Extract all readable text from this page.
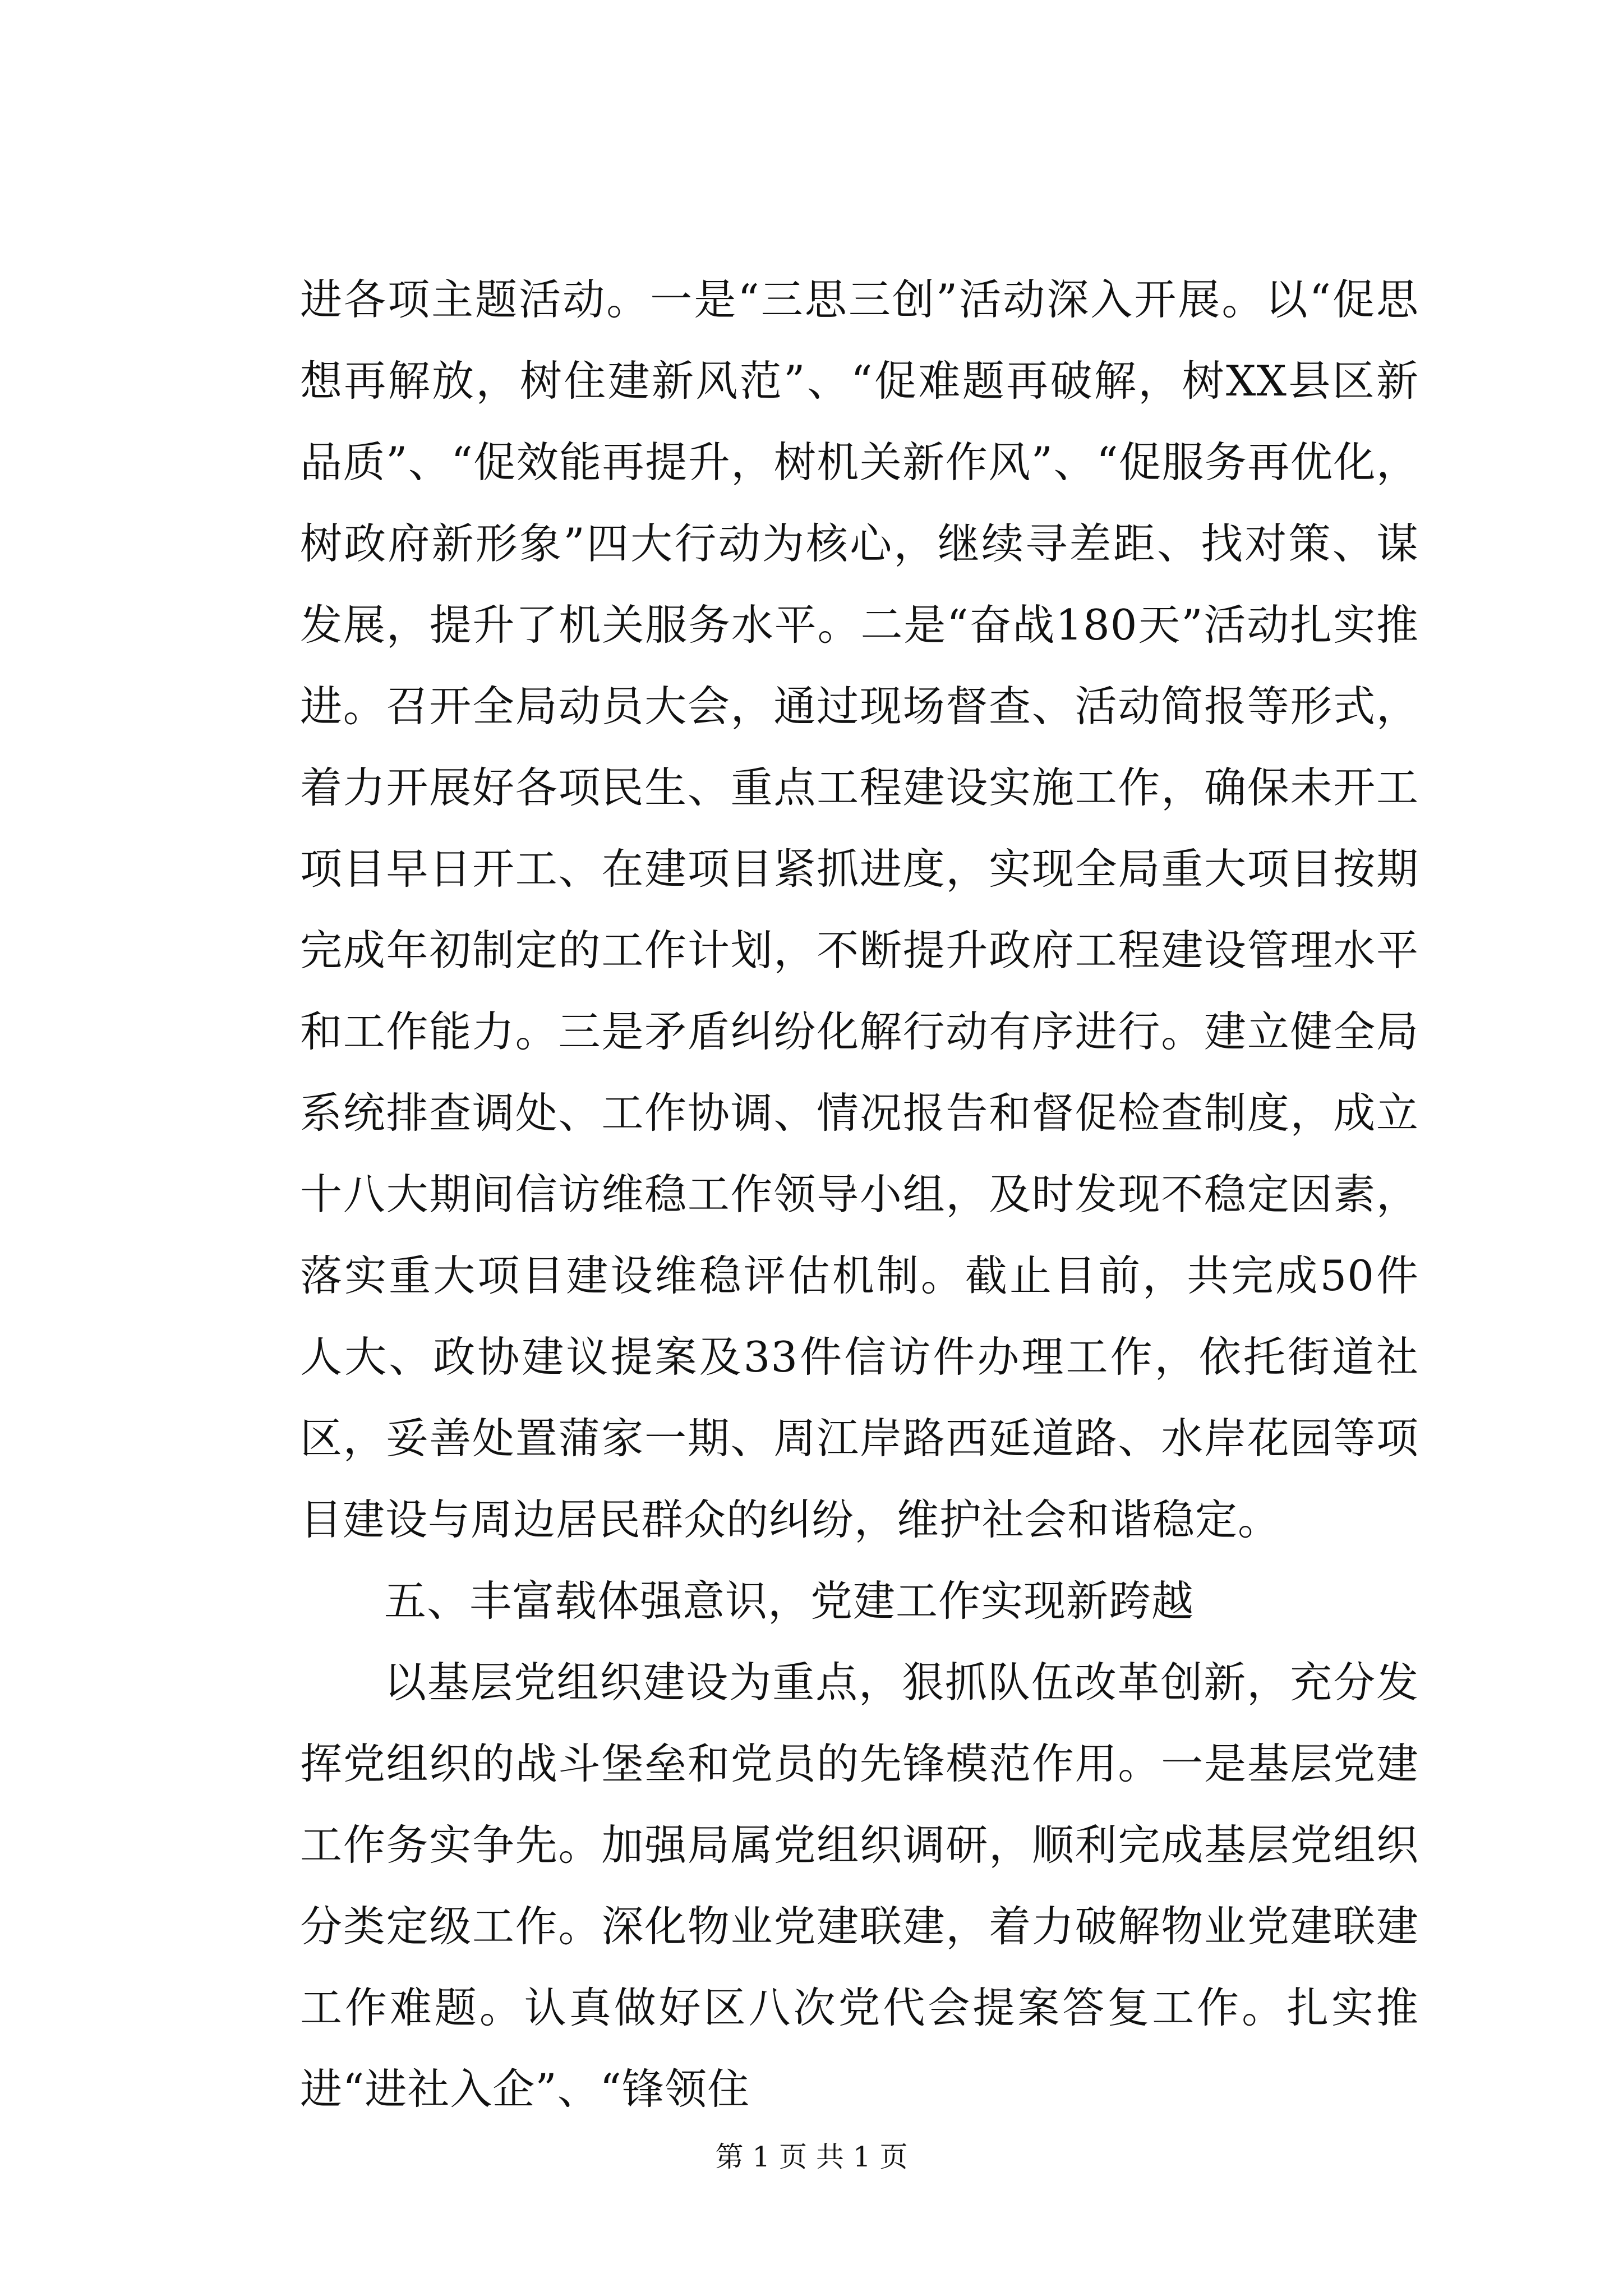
进各项主题活动。一是“三思三创”活动深入开展。以“促思想再解放，树住建新风范”、“促难题再破解，树XX县区新品质”、“促效能再提升，树机关新作风”、“促服务再优化，树政府新形象”四大行动为核心，继续寻差距、找对策、谋发展，提升了机关服务水平。二是“奋战180天”活动扎实推进。召开全局动员大会，通过现场督查、活动简报等形式，着力开展好各项民生、重点工程建设实施工作，确保未开工项目早日开工、在建项目紧抓进度，实现全局重大项目按期完成年初制定的工作计划，不断提升政府工程建设管理水平和工作能力。三是矛盾纠纷化解行动有序进行。建立健全局系统排查调处、工作协调、情况报告和督促检查制度，成立十八大期间信访维稳工作领导小组，及时发现不稳定因素，落实重大项目建设维稳评估机制。截止目前，共完成50件人大、政协建议提案及33件信访件办理工作，依托街道社区，妥善处置蒲家一期、周江岸路西延道路、水岸花园等项目建设与周边居民群众的纠纷，维护社会和谐稳定。

五、丰富载体强意识，党建工作实现新跨越

以基层党组织建设为重点，狠抓队伍改革创新，充分发挥党组织的战斗堡垒和党员的先锋模范作用。一是基层党建工作务实争先。加强局属党组织调研，顺利完成基层党组织分类定级工作。深化物业党建联建，着力破解物业党建联建工作难题。认真做好区八次党代会提案答复工作。扎实推进“进社入企”、“锋领住

第 1 页 共 1 页
